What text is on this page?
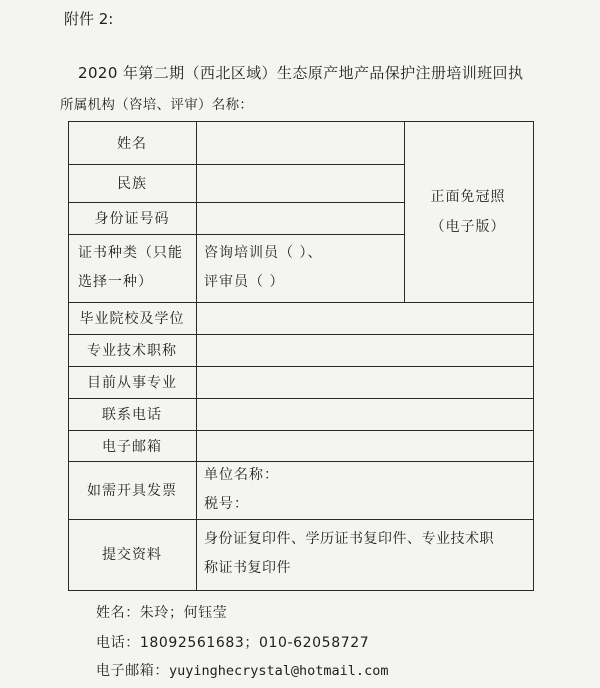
附件 2:
2020 年第二期（西北区域）生态原产地产品保护注册培训班回执
所属机构（咨培、评审）名称：
姓名
民族
身份证号码
证书种类（只能
选择一种）
毕业院校及学位
专业技术职称
目前从事专业
联系电话
电子邮箱
如需开具发票
提交资料
正面免冠照
（电子版）
咨询培训员（ ）、
评审员（ ）
单位名称：
税号：
身份证复印件、学历证书复印件、专业技术职
称证书复印件
姓名：朱玲；何钰莹
电话：18092561683；010-62058727
电子邮箱：yuyinghecrystal@hotmail.com
